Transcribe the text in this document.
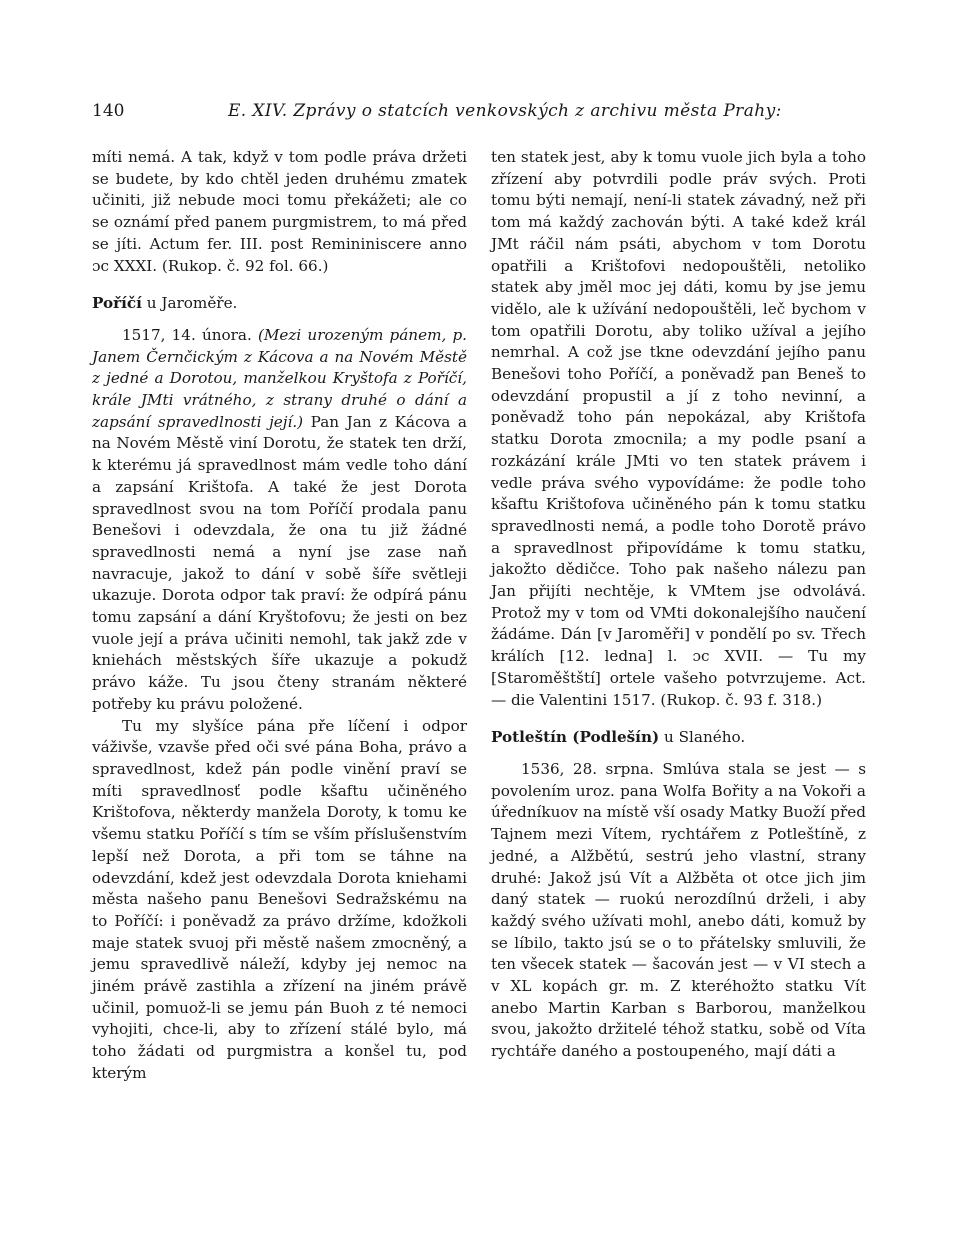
140	E. XIV. Zprávy o statcích venkovských z archivu města Prahy:

míti nemá. A tak, když v tom podle práva držeti se budete, by kdo chtěl jeden druhému zmatek učiniti, již nebude moci tomu překážeti; ale co se oznámí před panem purgmistrem, to má před se jíti. Actum fer. III. post Remininiscere anno ɔc XXXI. (Rukop. č. 92 fol. 66.)

Poříčí u Jaroměře.

1517, 14. února. (Mezi urozeným pánem, p. Janem Černčickým z Kácova a na Novém Městě z jedné a Dorotou, manželkou Kryštofa z Poříčí, krále JMti vrátného, z strany druhé o dání a zapsání spravedlnosti její.) Pan Jan z Kácova a na Novém Městě viní Dorotu, že statek ten drží, k kterému já spravedlnost mám vedle toho dání a zapsání Krištofa. A také že jest Dorota spravedlnost svou na tom Poříčí prodala panu Benešovi i odevzdala, že ona tu již žádné spravedlnosti nemá a nyní jse zase naň navracuje, jakož to dání v sobě šíře světleji ukazuje. Dorota odpor tak praví: že odpírá pánu tomu zapsání a dání Kryštofovu; že jesti on bez vuole její a práva učiniti nemohl, tak jakž zde v kniehách městských šíře ukazuje a pokudž právo káže. Tu jsou čteny stranám některé potřeby ku právu položené.

Tu my slyšíce pána pře líčení i odpor váživše, vzavše před oči své pána Boha, právo a spravedlnost, kdež pán podle vinění praví se míti spravedlnosť podle kšaftu učiněného Krištofova, některdy manžela Doroty, k tomu ke všemu statku Poříčí s tím se vším příslušenstvím lepší než Dorota, a při tom se táhne na odevzdání, kdež jest odevzdala Dorota kniehami města našeho panu Benešovi Sedražskému na to Poříčí: i poněvadž za právo držíme, kdožkoli maje statek svuoj při městě našem zmocněný, a jemu spravedlivě náleží, kdyby jej nemoc na jiném právě zastihla a zřízení na jiném právě učinil, pomuož-li se jemu pán Buoh z té nemoci vyhojiti, chce-li, aby to zřízení stálé bylo, má toho žádati od purgmistra a konšel tu, pod kterým

ten statek jest, aby k tomu vuole jich byla a toho zřízení aby potvrdili podle práv svých. Proti tomu býti nemají, není-li statek závadný, než při tom má každý zachován býti. A také kdež král JMt ráčil nám psáti, abychom v tom Dorotu opatřili a Krištofovi nedopouštěli, netoliko statek aby jměl moc jej dáti, komu by jse jemu vidělo, ale k užívání nedopouštěli, leč bychom v tom opatřili Dorotu, aby toliko užíval a jejího nemrhal. A což jse tkne odevzdání jejího panu Benešovi toho Poříčí, a poněvadž pan Beneš to odevzdání propustil a jí z toho nevinní, a poněvadž toho pán nepokázal, aby Krištofa statku Dorota zmocnila; a my podle psaní a rozkázání krále JMti vo ten statek právem i vedle práva svého vypovídáme: že podle toho kšaftu Krištofova učiněného pán k tomu statku spravedlnosti nemá, a podle toho Dorotě právo a spravedlnost připovídáme k tomu statku, jakožto dědičce. Toho pak našeho nálezu pan Jan přijíti nechtěje, k VMtem jse odvolává. Protož my v tom od VMti dokonalejšího naučení žádáme. Dán [v Jaroměři] v pondělí po sv. Třech králích [12. ledna] l. ɔc XVII. — Tu my [Staroměštští] ortele vašeho potvrzujeme. Act. — die Valentini 1517. (Rukop. č. 93 f. 318.)

Potleštín (Podlešín) u Slaného.

1536, 28. srpna. Smlúva stala se jest — s povolením uroz. pana Wolfa Bořity a na Vokoři a úředníkuov na místě vší osady Matky Buoží před Tajnem mezi Vítem, rychtářem z Potleštíně, z jedné, a Alžbětú, sestrú jeho vlastní, strany druhé: Jakož jsú Vít a Alžběta ot otce jich jim daný statek — ruokú nerozdílnú drželi, i aby každý svého užívati mohl, anebo dáti, komuž by se líbilo, takto jsú se o to přátelsky smluvili, že ten všecek statek — šacován jest — v VI stech a v XL kopách gr. m. Z kteréhožto statku Vít anebo Martin Karban s Barborou, manželkou svou, jakožto držitelé téhož statku, sobě od Víta rychtáře daného a postoupeného, mají dáti a
